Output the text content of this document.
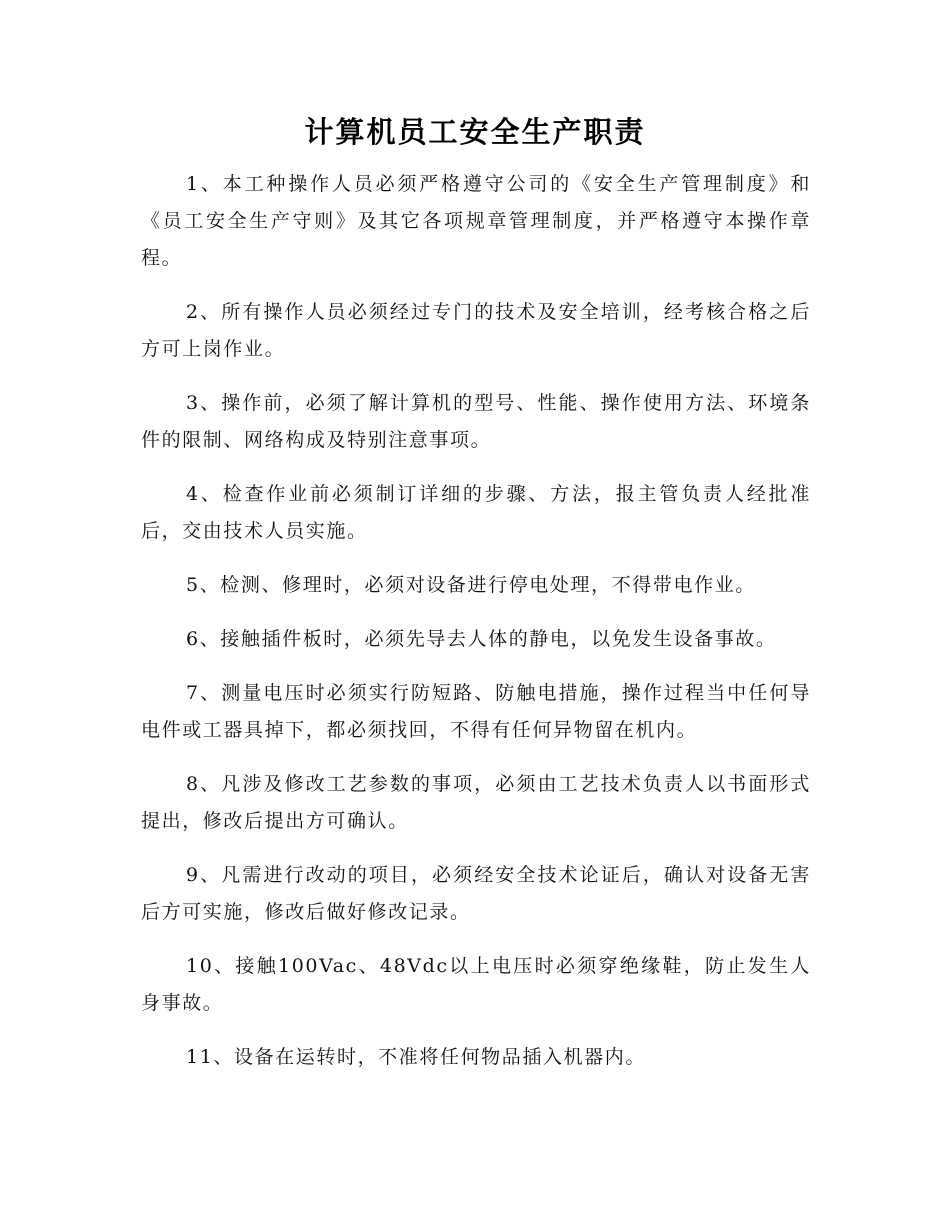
计算机员工安全生产职责

1、本工种操作人员必须严格遵守公司的《安全生产管理制度》和《员工安全生产守则》及其它各项规章管理制度，并严格遵守本操作章程。

2、所有操作人员必须经过专门的技术及安全培训，经考核合格之后方可上岗作业。

3、操作前，必须了解计算机的型号、性能、操作使用方法、环境条件的限制、网络构成及特别注意事项。

4、检查作业前必须制订详细的步骤、方法，报主管负责人经批准后，交由技术人员实施。

5、检测、修理时，必须对设备进行停电处理，不得带电作业。

6、接触插件板时，必须先导去人体的静电，以免发生设备事故。

7、测量电压时必须实行防短路、防触电措施，操作过程当中任何导电件或工器具掉下，都必须找回，不得有任何异物留在机内。

8、凡涉及修改工艺参数的事项，必须由工艺技术负责人以书面形式提出，修改后提出方可确认。

9、凡需进行改动的项目，必须经安全技术论证后，确认对设备无害后方可实施，修改后做好修改记录。

10、接触100Vac、48Vdc以上电压时必须穿绝缘鞋，防止发生人身事故。

11、设备在运转时，不准将任何物品插入机器内。
